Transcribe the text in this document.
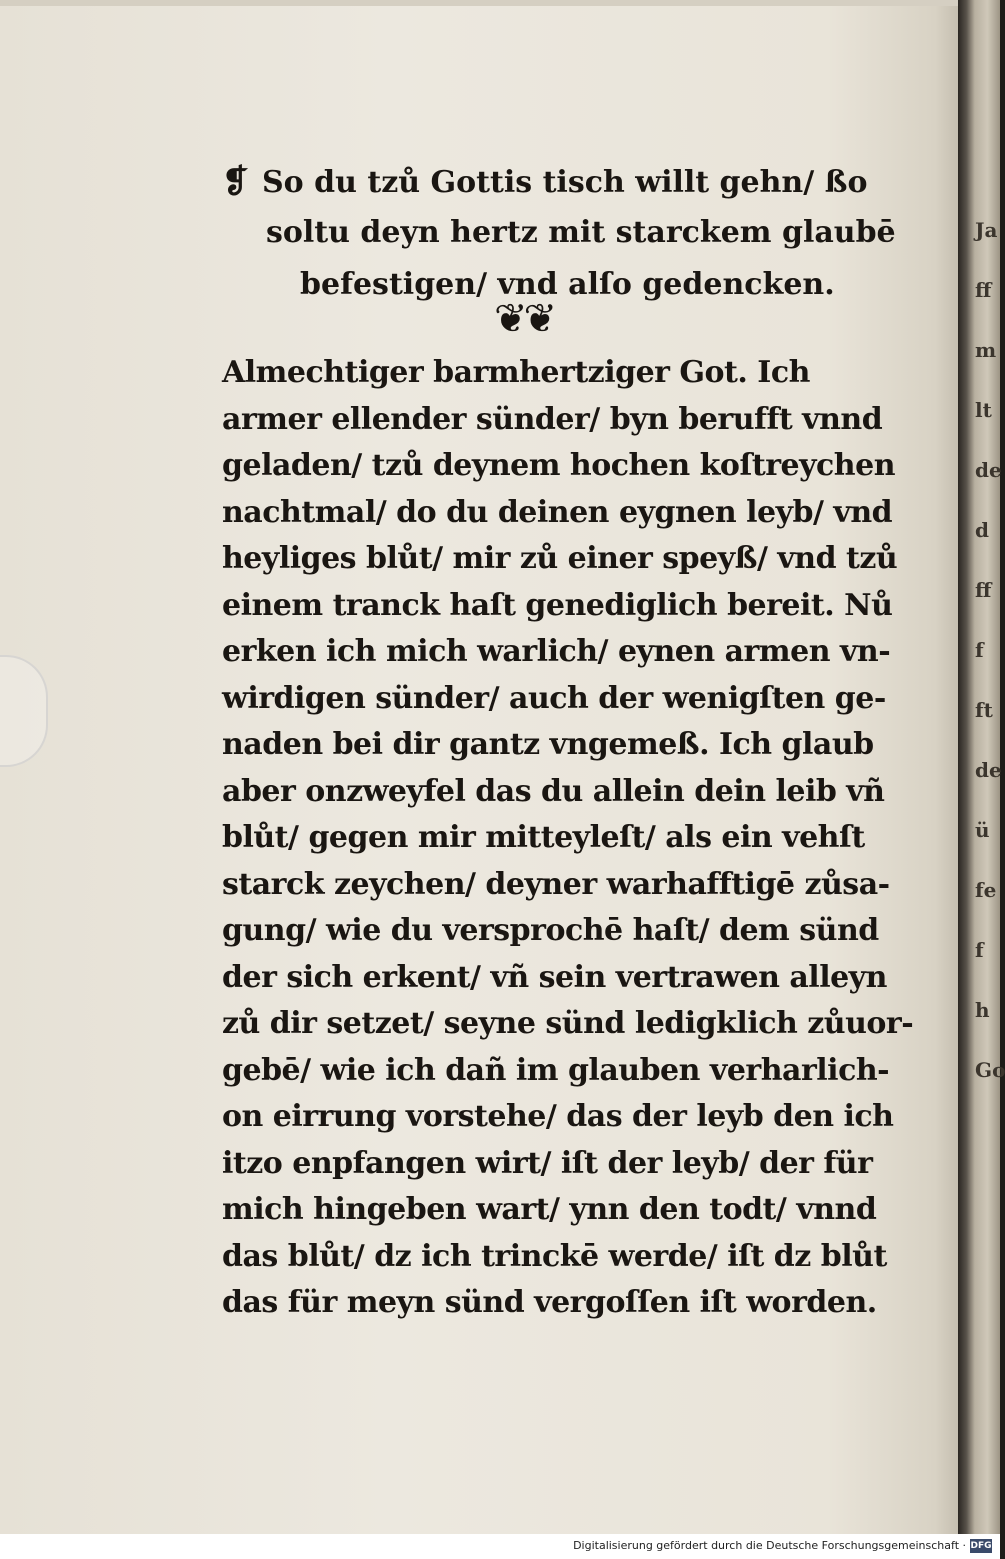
Ja
ff
m
lt
de
d
ff
f
ft
de
ü
fe
f
h
Go
❡ So du tzů Gottis tisch willt gehn/ ßo
soltu deyn hertz mit starckem glaubē
befestigen/ vnd alſo gedencken.
❦❦
Almechtiger barmhertziger Got. Ich
armer ellender sünder/ byn berufft vnnd
geladen/ tzů deynem hochen koſtreychen
nachtmal/ do du deinen eygnen leyb/ vnd
heyliges blůt/ mir zů einer speyß/ vnd tzů
einem tranck haſt genediglich bereit. Nů
erken ich mich warlich/ eynen armen vn-
wirdigen sünder/ auch der wenigſten ge-
naden bei dir gantz vngemeß. Ich glaub
aber onzweyfel das du allein dein leib vñ
blůt/ gegen mir mitteyleſt/ als ein vehſt
starck zeychen/ deyner warhafftigē zůsa-
gung/ wie du versprochē haſt/ dem sünd
der sich erkent/ vñ sein vertrawen alleyn
zů dir setzet/ seyne sünd ledigklich zůuor-
gebē/ wie ich dañ im glauben verharlich-
on eirrung vorstehe/ das der leyb den ich
itzo enpfangen wirt/ iſt der leyb/ der für
mich hingeben wart/ ynn den todt/ vnnd
das blůt/ dz ich trinckē werde/ iſt dz blůt
das für meyn sünd vergoſſen iſt worden.
Digitalisierung gefördert durch die Deutsche Forschungsgemeinschaft · DFG
